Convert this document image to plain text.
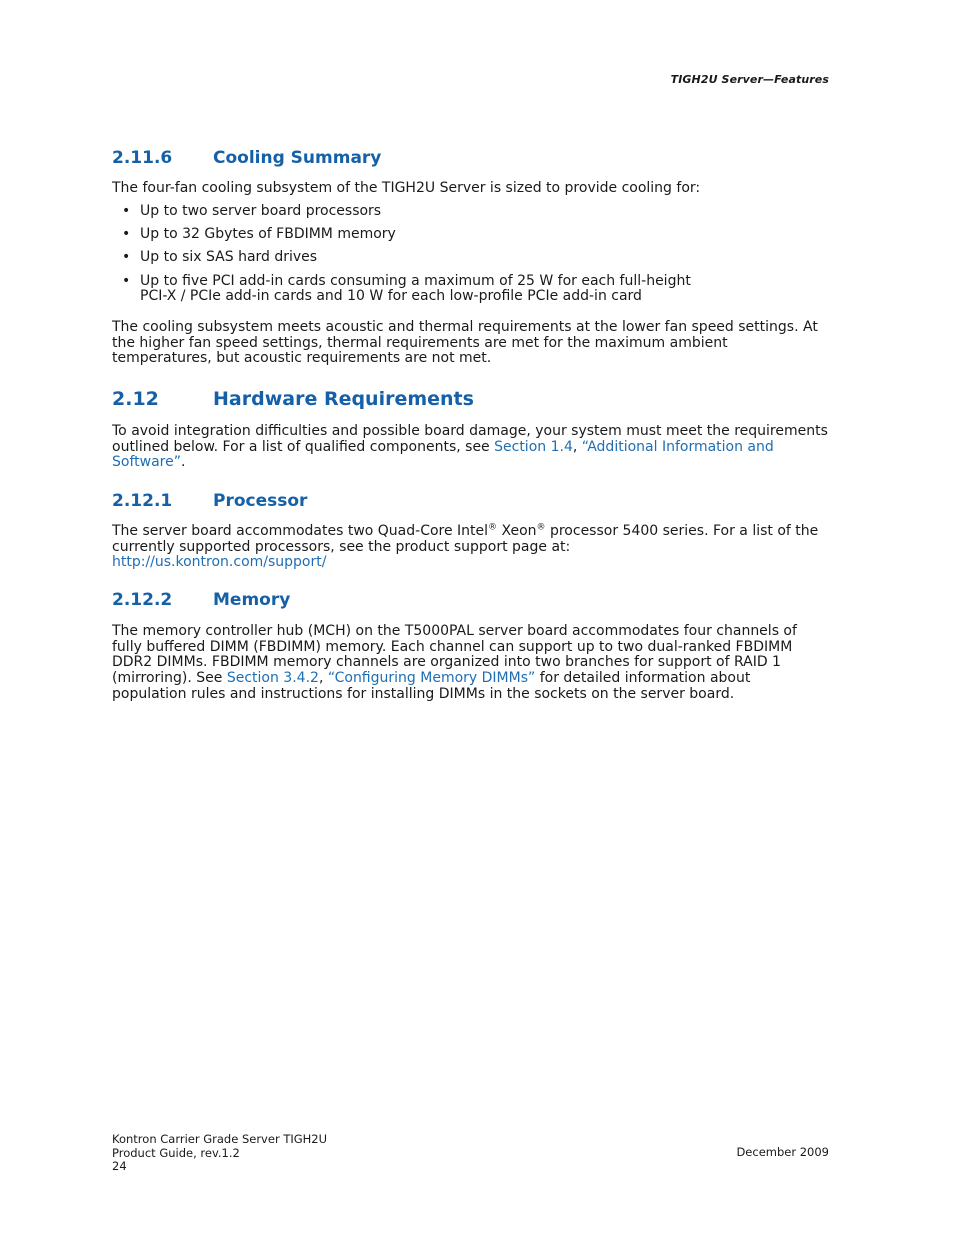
TIGH2U Server—Features
2.11.6 Cooling Summary
The four-fan cooling subsystem of the TIGH2U Server is sized to provide cooling for:
• Up to two server board processors
• Up to 32 Gbytes of FBDIMM memory
• Up to six SAS hard drives
• Up to five PCI add-in cards consuming a maximum of 25 W for each full-height
PCI-X / PCIe add-in cards and 10 W for each low-profile PCIe add-in card
The cooling subsystem meets acoustic and thermal requirements at the lower fan speed settings. At
the higher fan speed settings, thermal requirements are met for the maximum ambient
temperatures, but acoustic requirements are not met.
2.12	Hardware Requirements
To avoid integration difficulties and possible board damage, your system must meet the requirements
outlined below. For a list of qualified components, see Section 1.4, “Additional Information and
Software”.
2.12.1 Processor
The server board accommodates two Quad-Core Intel® Xeon® processor 5400 series. For a list of the
currently supported processors, see the product support page at:
http://us.kontron.com/support/
2.12.2 Memory
The memory controller hub (MCH) on the T5000PAL server board accommodates four channels of
fully buffered DIMM (FBDIMM) memory. Each channel can support up to two dual-ranked FBDIMM
DDR2 DIMMs. FBDIMM memory channels are organized into two branches for support of RAID 1
(mirroring). See Section 3.4.2, “Configuring Memory DIMMs” for detailed information about
population rules and instructions for installing DIMMs in the sockets on the server board.
Kontron Carrier Grade Server TIGH2U
Product Guide, rev.1.2
24
December 2009
